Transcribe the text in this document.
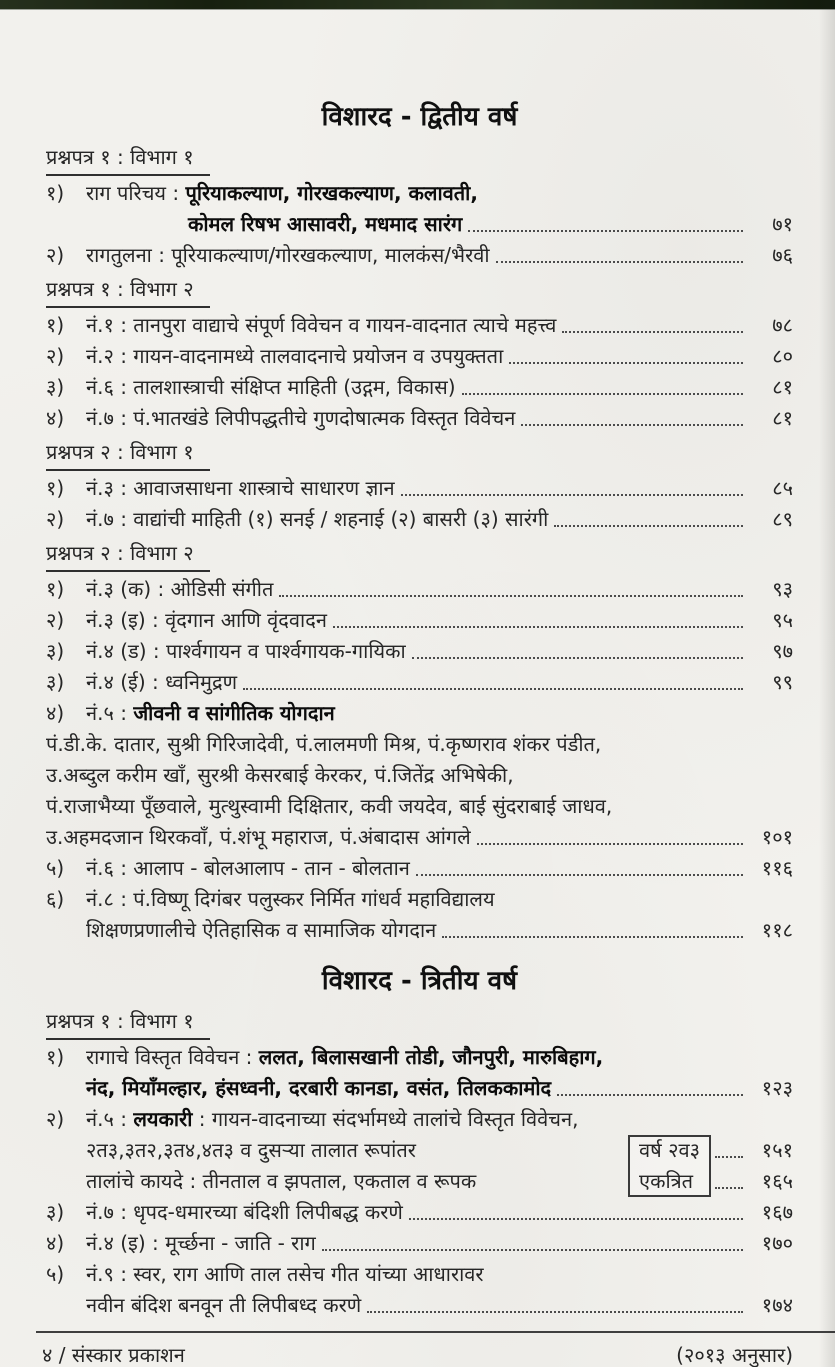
विशारद - द्वितीय वर्ष
प्रश्नपत्र १ : विभाग १
१)	राग परिचय : पूरियाकल्याण, गोरखकल्याण, कलावती,
कोमल रिषभ आसावरी, मधमाद सारंग	७१
२)	रागतुलना : पूरियाकल्याण/गोरखकल्याण, मालकंस/भैरवी	७६
प्रश्नपत्र १ : विभाग २
१)	नं.१ : तानपुरा वाद्याचे संपूर्ण विवेचन व गायन-वादनात त्याचे महत्त्व	७८
२)	नं.२ : गायन-वादनामध्ये तालवादनाचे प्रयोजन व उपयुक्तता	८०
३)	नं.६ : तालशास्त्राची संक्षिप्त माहिती (उद्गम, विकास)	८१
४)	नं.७ : पं.भातखंडे लिपीपद्धतीचे गुणदोषात्मक विस्तृत विवेचन	८१
प्रश्नपत्र २ : विभाग १
१)	नं.३ : आवाजसाधना शास्त्राचे साधारण ज्ञान	८५
२)	नं.७ : वाद्यांची माहिती (१) सनई / शहनाई (२) बासरी (३) सारंगी	८९
प्रश्नपत्र २ : विभाग २
१)	नं.३ (क) : ओडिसी संगीत	९३
२)	नं.३ (इ) : वृंदगान आणि वृंदवादन	९५
३)	नं.४ (ड) : पार्श्वगायन व पार्श्वगायक-गायिका	९७
३)	नं.४ (ई) : ध्वनिमुद्रण	९९
४)	नं.५ : जीवनी व सांगीतिक योगदान
पं.डी.के. दातार, सुश्री गिरिजादेवी, पं.लालमणी मिश्र, पं.कृष्णराव शंकर पंडीत,
उ.अब्दुल करीम खाँ, सुरश्री केसरबाई केरकर, पं.जितेंद्र अभिषेकी,
पं.राजाभैय्या पूँछवाले, मुत्थुस्वामी दिक्षितार, कवी जयदेव, बाई सुंदराबाई जाधव,
उ.अहमदजान थिरकवाँ, पं.शंभू महाराज, पं.अंबादास आंगले	१०१
५)	नं.६ : आलाप - बोलआलाप - तान - बोलतान	११६
६)	नं.८ : पं.विष्णू दिगंबर पलुस्कर निर्मित गांधर्व महाविद्यालय
शिक्षणप्रणालीचे ऐतिहासिक व सामाजिक योगदान	११८
विशारद - त्रितीय वर्ष
प्रश्नपत्र १ : विभाग १
१)	रागाचे विस्तृत विवेचन : ललत, बिलासखानी तोडी, जौनपुरी, मारुबिहाग,
नंद, मियाँमल्हार, हंसध्वनी, दरबारी कानडा, वसंत, तिलककामोद	१२३
२)	नं.५ : लयकारी : गायन-वादनाच्या संदर्भामध्ये तालांचे विस्तृत विवेचन,
२त३,३त२,३त४,४त३ व दुसऱ्या तालात रूपांतर	१५१
तालांचे कायदे : तीनताल व झपताल, एकताल व रूपक	१६५
वर्ष २व३
एकत्रित
३)	नं.७ : धृपद-धमारच्या बंदिशी लिपीबद्ध करणे	१६७
४)	नं.४ (इ) : मूर्च्छना - जाति - राग	१७०
५)	नं.९ : स्वर, राग आणि ताल तसेच गीत यांच्या आधारावर
नवीन बंदिश बनवून ती लिपीबध्द करणे	१७४
४ / संस्कार प्रकाशन	(२०१३ अनुसार)
